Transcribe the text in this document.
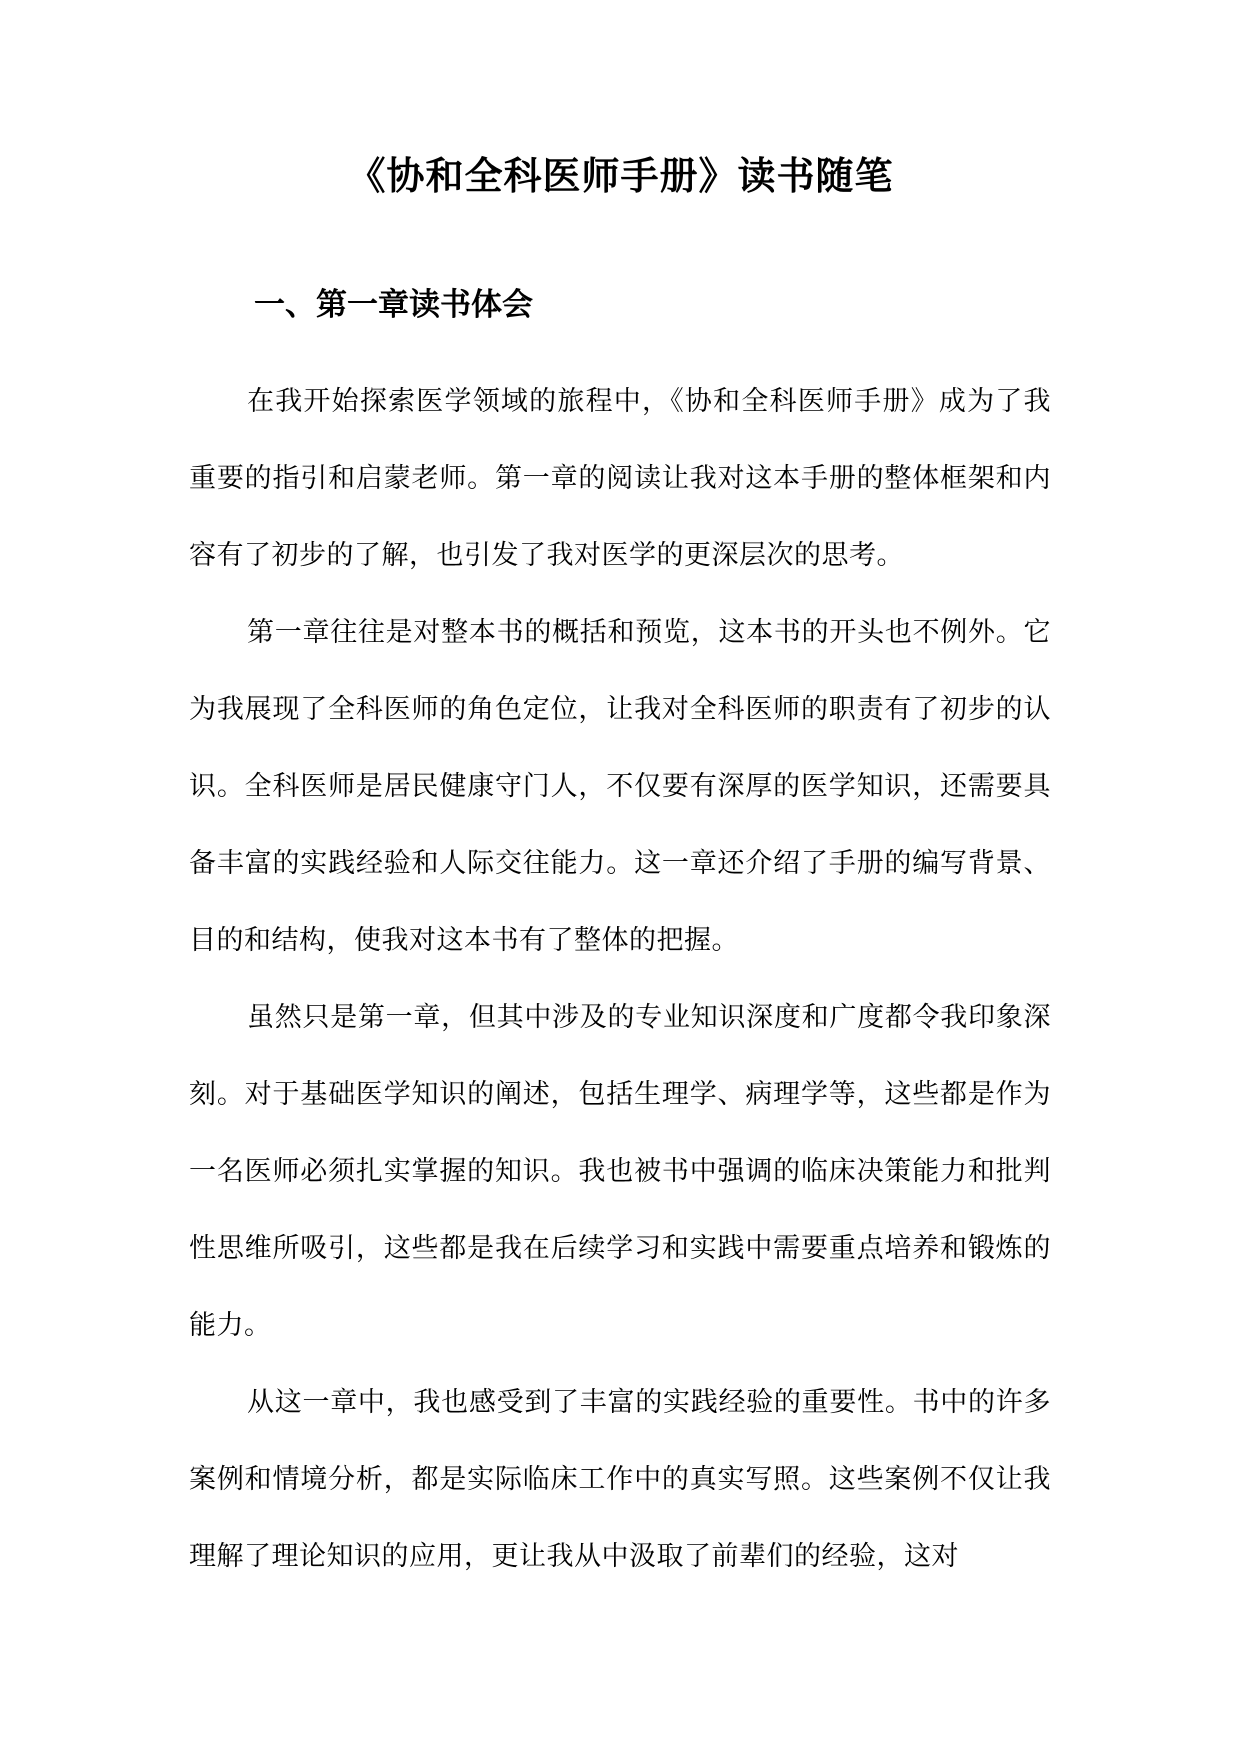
《协和全科医师手册》读书随笔
一、第一章读书体会

在我开始探索医学领域的旅程中，《协和全科医师手册》成为了我重要的指引和启蒙老师。第一章的阅读让我对这本手册的整体框架和内容有了初步的了解，也引发了我对医学的更深层次的思考。

第一章往往是对整本书的概括和预览，这本书的开头也不例外。它为我展现了全科医师的角色定位，让我对全科医师的职责有了初步的认识。全科医师是居民健康守门人，不仅要有深厚的医学知识，还需要具备丰富的实践经验和人际交往能力。这一章还介绍了手册的编写背景、目的和结构，使我对这本书有了整体的把握。

虽然只是第一章，但其中涉及的专业知识深度和广度都令我印象深刻。对于基础医学知识的阐述，包括生理学、病理学等，这些都是作为一名医师必须扎实掌握的知识。我也被书中强调的临床决策能力和批判性思维所吸引，这些都是我在后续学习和实践中需要重点培养和锻炼的能力。

从这一章中，我也感受到了丰富的实践经验的重要性。书中的许多案例和情境分析，都是实际临床工作中的真实写照。这些案例不仅让我理解了理论知识的应用，更让我从中汲取了前辈们的经验，这对
